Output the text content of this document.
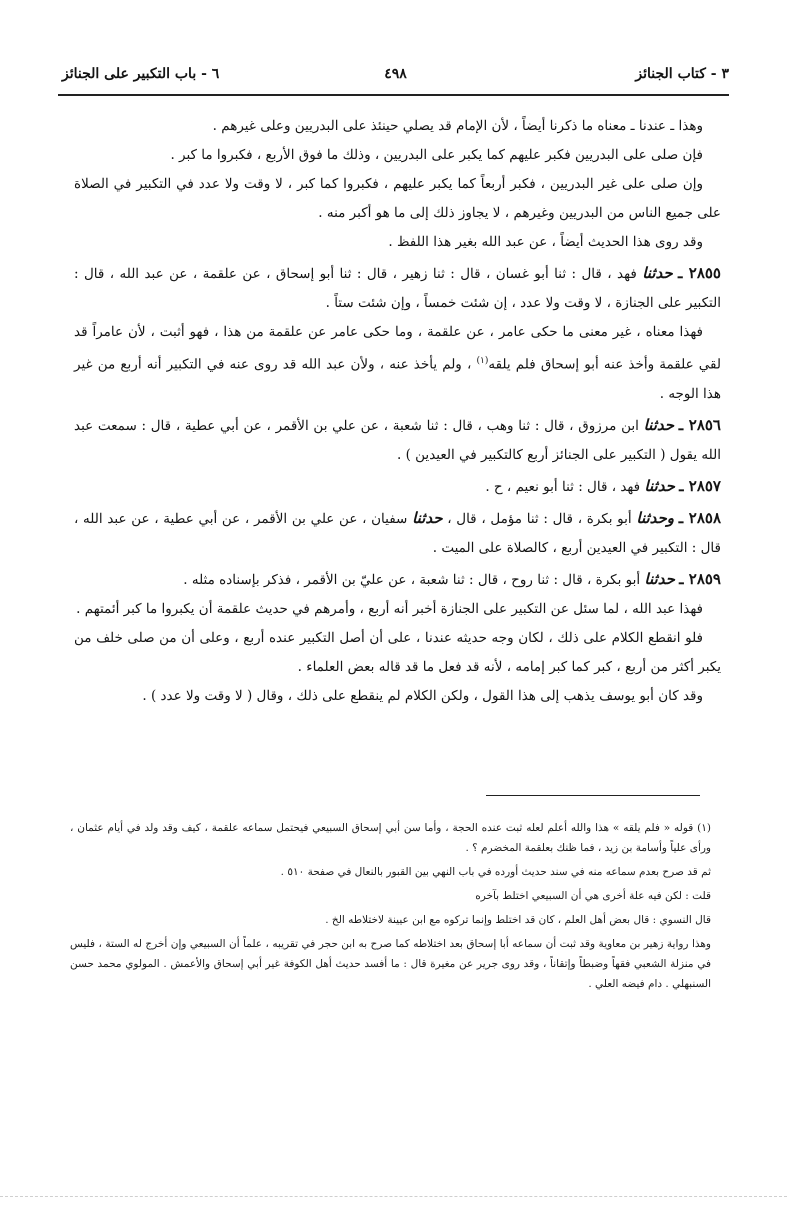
٣ - كتاب الجنائز
٤٩٨
٦ - باب التكبير على الجنائز

وهذا ـ عندنا ـ معناه ما ذكرنا أيضاً ، لأن الإمام قد يصلي حينئذ على البدريين وعلى غيرهم .

فإن صلى على البدريين فكبر عليهم كما يكبر على البدريين ، وذلك ما فوق الأربع ، فكبروا ما كبر .

وإن صلى على غير البدريين ، فكبر أربعاً كما يكبر عليهم ، فكبروا كما كبر ، لا وقت ولا عدد في التكبير في الصلاة على جميع الناس من البدريين وغيرهم ، لا يجاوز ذلك إلى ما هو أكبر منه .

وقد روى هذا الحديث أيضاً ، عن عبد الله بغير هذا اللفظ .

٢٨٥٥ ـ حدثنا فهد ، قال : ثنا أبو غسان ، قال : ثنا زهير ، قال : ثنا أبو إسحاق ، عن علقمة ، عن عبد الله ، قال : التكبير على الجنازة ، لا وقت ولا عدد ، إن شئت خمساً ، وإن شئت ستاً .

فهذا معناه ، غير معنى ما حكى عامر ، عن علقمة ، وما حكى عامر عن علقمة من هذا ، فهو أثبت ، لأن عامراً قد لقي علقمة وأخذ عنه أبو إسحاق فلم يلقه$^{(١)}$ ، ولم يأخذ عنه ، ولأن عبد الله قد روى عنه في التكبير أنه أربع من غير هذا الوجه .

٢٨٥٦ ـ حدثنا ابن مرزوق ، قال : ثنا وهب ، قال : ثنا شعبة ، عن علي بن الأقمر ، عن أبي عطية ، قال : سمعت عبد الله يقول ( التكبير على الجنائز أربع كالتكبير في العيدين ) .

٢٨٥٧ ـ حدثنا فهد ، قال : ثنا أبو نعيم ، ح .

٢٨٥٨ ـ وحدثنا أبو بكرة ، قال : ثنا مؤمل ، قال ، حدثنا سفيان ، عن علي بن الأقمر ، عن أبي عطية ، عن عبد الله ، قال : التكبير في العيدين أربع ، كالصلاة على الميت .

٢٨٥٩ ـ حدثنا أبو بكرة ، قال : ثنا روح ، قال : ثنا شعبة ، عن عليّ بن الأقمر ، فذكر بإسناده مثله .

فهذا عبد الله ، لما سئل عن التكبير على الجنازة أخبر أنه أربع ، وأمرهم في حديث علقمة أن يكبروا ما كبر أئمتهم .

فلو انقطع الكلام على ذلك ، لكان وجه حديثه عندنا ، على أن أصل التكبير عنده أربع ، وعلى أن من صلى خلف من يكبر أكثر من أربع ، كبر كما كبر إمامه ، لأنه قد فعل ما قد قاله بعض العلماء .

وقد كان أبو يوسف يذهب إلى هذا القول ، ولكن الكلام لم ينقطع على ذلك ، وقال ( لا وقت ولا عدد ) .

(١) قوله « فلم يلقه » هذا والله أعلم لعله ثبت عنده الحجة ، وأما سن أبي إسحاق السبيعي فيحتمل سماعه علقمة ، كيف وقد ولد في أيام عثمان ، ورأى علياً وأسامة بن زيد ، فما ظنك بعلقمة المخضرم ؟ .

ثم قد صرح بعدم سماعه منه في سند حديث أورده في باب النهي بين القبور بالنعال في صفحة ٥١٠ .

قلت : لكن فيه علة أخرى هي أن السبيعي اختلط بآخره

قال النسوي : قال بعض أهل العلم ، كان قد اختلط وإنما تركوه مع ابن عيينة لاختلاطه الخ .

وهذا رواية زهير بن معاوية وقد ثبت أن سماعه أبا إسحاق بعد اختلاطه كما صرح به ابن حجر في تقريبه ، علماً أن السبيعي وإن أخرج له الستة ، فليس في منزلة الشعبي فقهاً وضبطاً وإتقاناً ، وقد روى جرير عن مغيرة قال : ما أفسد حديث أهل الكوفة غير أبي إسحاق والأعمش . المولوي محمد حسن السنبهلي . دام فيضه العلي .
